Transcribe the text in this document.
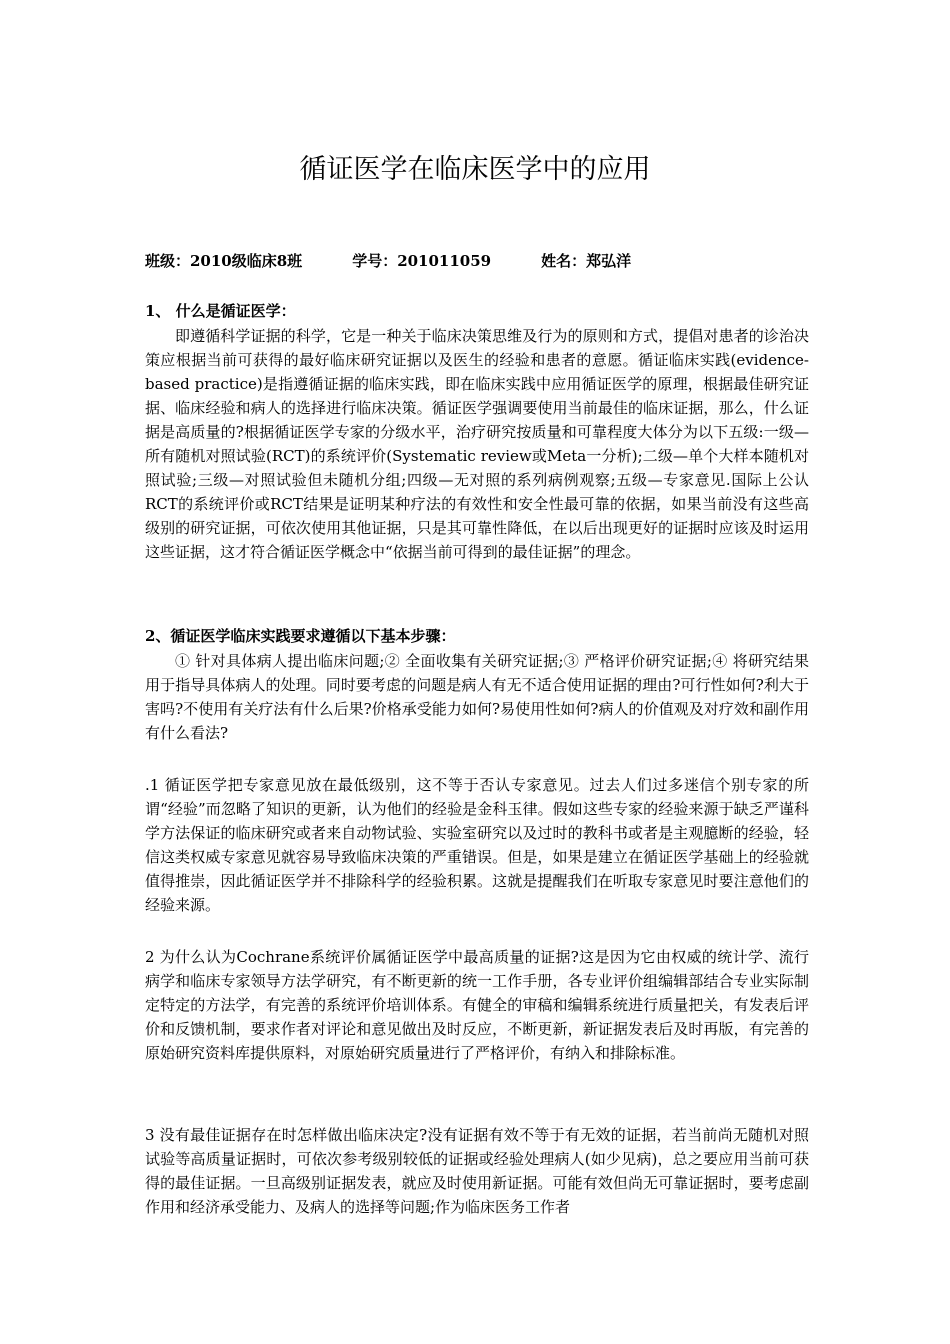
循证医学在临床医学中的应用
班级：2010级临床8班	学号：201011059	姓名：郑弘洋
1、 什么是循证医学：
即遵循科学证据的科学，它是一种关于临床决策思维及行为的原则和方式，提倡对患者的诊治决策应根据当前可获得的最好临床研究证据以及医生的经验和患者的意愿。循证临床实践(evidence-based practice)是指遵循证据的临床实践，即在临床实践中应用循证医学的原理，根据最佳研究证据、临床经验和病人的选择进行临床决策。循证医学强调要使用当前最佳的临床证据，那么，什么证据是高质量的?根据循证医学专家的分级水平，治疗研究按质量和可靠程度大体分为以下五级:一级— 所有随机对照试验(RCT)的系统评价(Systematic review或Meta一分析);二级—单个大样本随机对照试验;三级—对照试验但未随机分组;四级—无对照的系列病例观察;五级—专家意见.国际上公认RCT的系统评价或RCT结果是证明某种疗法的有效性和安全性最可靠的依据，如果当前没有这些高级别的研究证据，可依次使用其他证据，只是其可靠性降低，在以后出现更好的证据时应该及时运用这些证据，这才符合循证医学概念中“依据当前可得到的最佳证据”的理念。
2、循证医学临床实践要求遵循以下基本步骤：
① 针对具体病人提出临床问题;② 全面收集有关研究证据;③ 严格评价研究证据;④ 将研究结果用于指导具体病人的处理。同时要考虑的问题是病人有无不适合使用证据的理由?可行性如何?利大于害吗?不使用有关疗法有什么后果?价格承受能力如何?易使用性如何?病人的价值观及对疗效和副作用有什么看法?
.1 循证医学把专家意见放在最低级别，这不等于否认专家意见。过去人们过多迷信个别专家的所谓“经验”而忽略了知识的更新，认为他们的经验是金科玉律。假如这些专家的经验来源于缺乏严谨科学方法保证的临床研究或者来自动物试验、实验室研究以及过时的教科书或者是主观臆断的经验，轻信这类权威专家意见就容易导致临床决策的严重错误。但是，如果是建立在循证医学基础上的经验就值得推崇，因此循证医学并不排除科学的经验积累。这就是提醒我们在听取专家意见时要注意他们的经验来源。
2 为什么认为Cochrane系统评价属循证医学中最高质量的证据?这是因为它由权威的统计学、流行病学和临床专家领导方法学研究，有不断更新的统一工作手册，各专业评价组编辑部结合专业实际制定特定的方法学，有完善的系统评价培训体系。有健全的审稿和编辑系统进行质量把关，有发表后评价和反馈机制，要求作者对评论和意见做出及时反应，不断更新，新证据发表后及时再版，有完善的原始研究资料库提供原料，对原始研究质量进行了严格评价，有纳入和排除标准。
3 没有最佳证据存在时怎样做出临床决定?没有证据有效不等于有无效的证据，若当前尚无随机对照试验等高质量证据时，可依次参考级别较低的证据或经验处理病人(如少见病)，总之要应用当前可获得的最佳证据。一旦高级别证据发表，就应及时使用新证据。可能有效但尚无可靠证据时，要考虑副作用和经济承受能力、及病人的选择等问题;作为临床医务工作者
